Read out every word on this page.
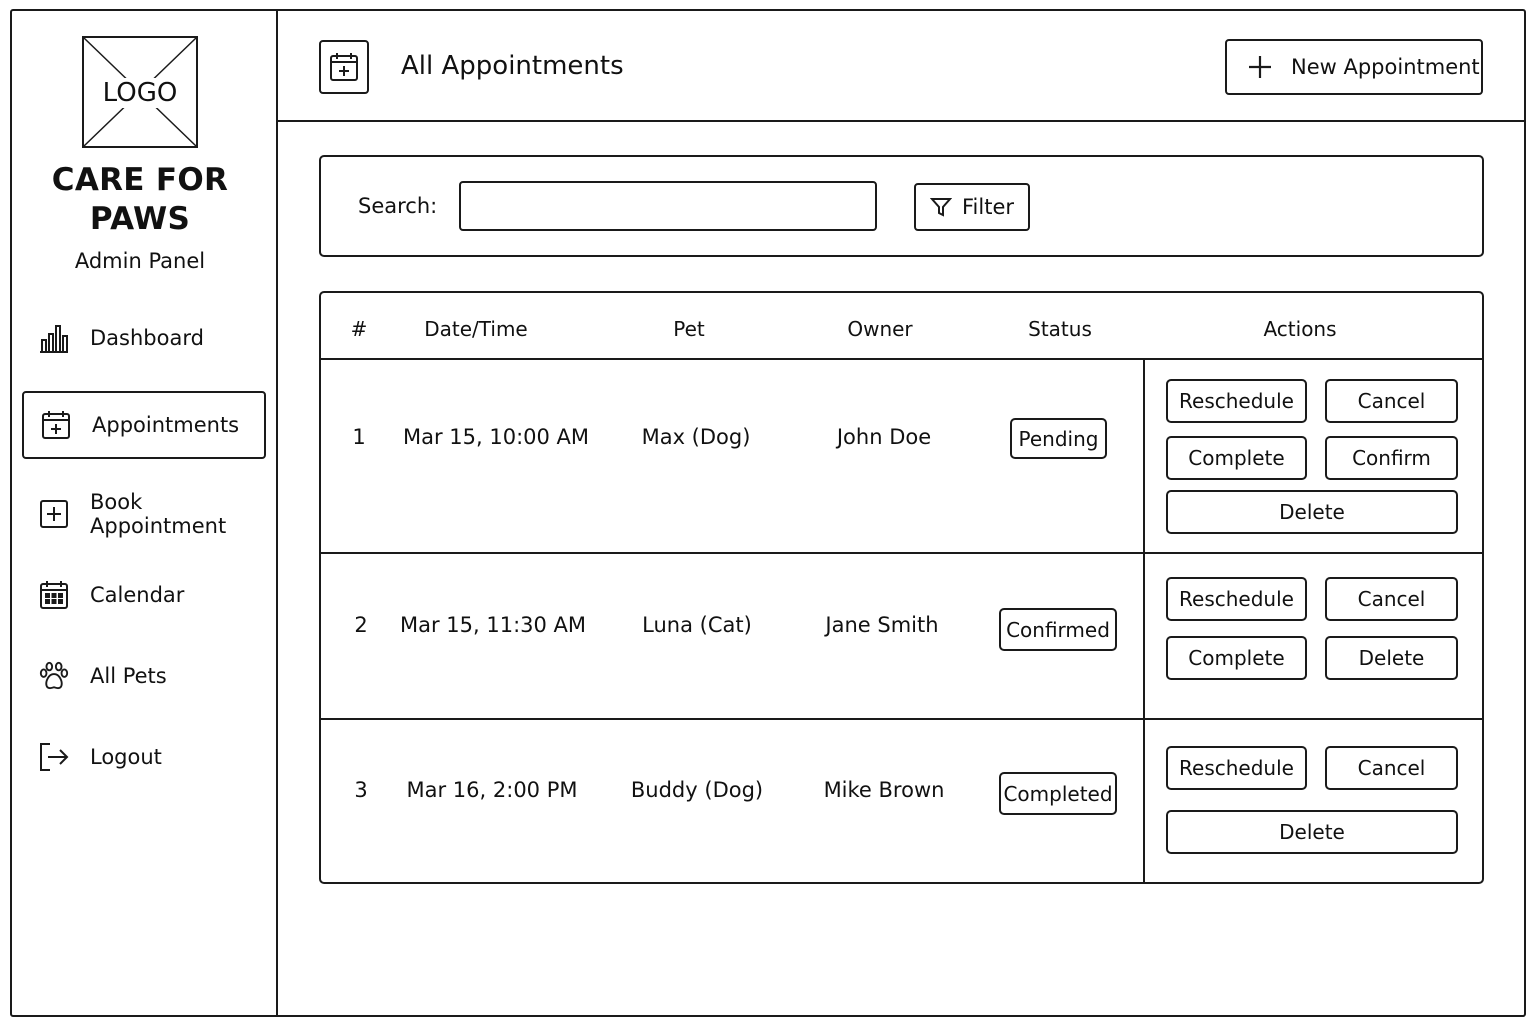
LOGO
CARE FOR
PAWS
Admin Panel
Dashboard
Appointments
Book Appointment
Calendar
All Pets
Logout
All Appointments	New Appointment
Search:	Filter
#	Date/Time	Pet	Owner	Status	Actions
1 Mar 15, 10:00 AM	Max (Dog)	John Doe	Pending
Reschedule	Cancel
Complete	Confirm
Delete
2 Mar 15, 11:30 AM	Luna (Cat)	Jane Smith	Confirmed
Reschedule	Cancel
Complete	Delete
3 Mar 16, 2:00 PM	Buddy (Dog)	Mike Brown	Completed
Reschedule	Cancel
Delete
